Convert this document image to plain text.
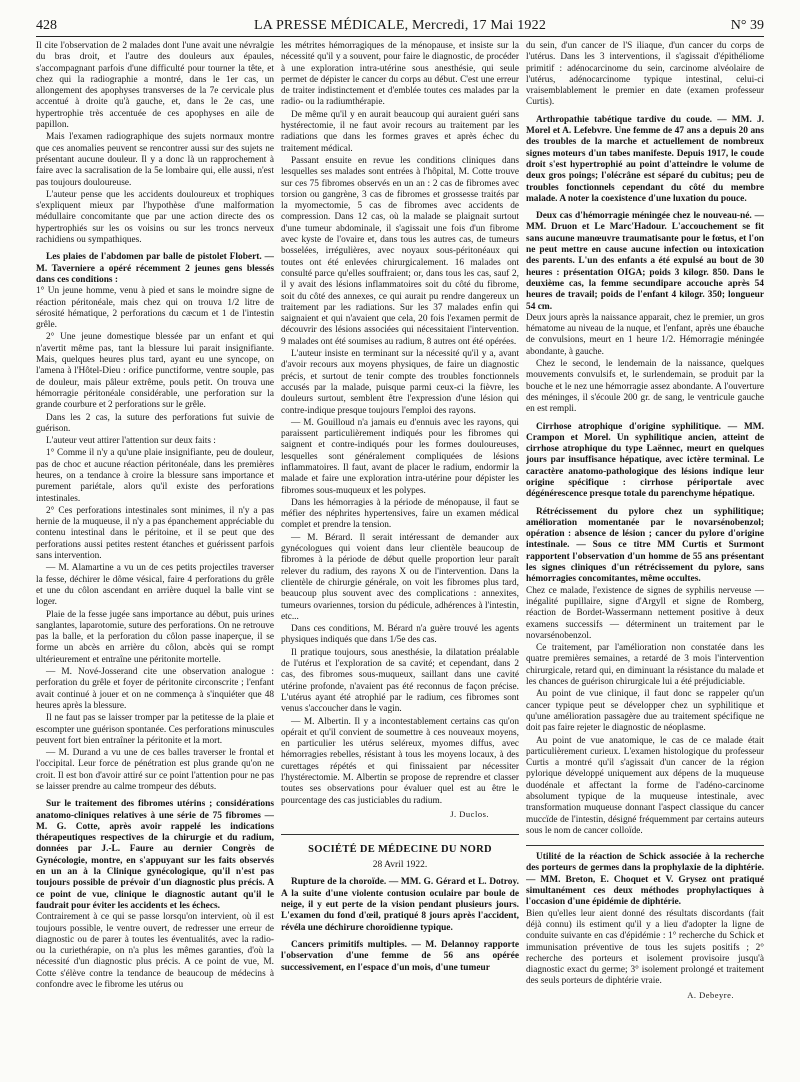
428	LA PRESSE MÉDICALE, Mercredi, 17 Mai 1922	N° 39

Il cite l'observation de 2 malades dont l'une avait une névralgie du bras droit, et l'autre des douleurs aux épaules, s'accompagnant parfois d'une difficulté pour tourner la tête, et chez qui la radiographie a montré, dans le 1er cas, un allongement des apophyses transverses de la 7e cervicale plus accentué à droite qu'à gauche, et, dans le 2e cas, une hypertrophie très accentuée de ces apophyses en aile de papillon.

Mais l'examen radiographique des sujets normaux montre que ces anomalies peuvent se rencontrer aussi sur des sujets ne présentant aucune douleur. Il y a donc là un rapprochement à faire avec la sacralisation de la 5e lombaire qui, elle aussi, n'est pas toujours douloureuse.

L'auteur pense que les accidents douloureux et trophiques s'expliquent mieux par l'hypothèse d'une malformation médullaire concomitante que par une action directe des os hypertrophiés sur les os voisins ou sur les troncs nerveux rachidiens ou sympathiques.

Les plaies de l'abdomen par balle de pistolet Flobert. — M. Taverniere a opéré récemment 2 jeunes gens blessés dans ces conditions :

1° Un jeune homme, venu à pied et sans le moindre signe de réaction péritonéale, mais chez qui on trouva 1/2 litre de sérosité hématique, 2 perforations du cæcum et 1 de l'intestin grêle.

2° Une jeune domestique blessée par un enfant et qui n'avertit même pas, tant la blessure lui parait insignifiante. Mais, quelques heures plus tard, ayant eu une syncope, on l'amena à l'Hôtel-Dieu : orifice punctiforme, ventre souple, pas de douleur, mais pâleur extrême, pouls petit. On trouva une hémorragie péritonéale considérable, une perforation sur la grande courbure et 2 perforations sur le grêle.

Dans les 2 cas, la suture des perforations fut suivie de guérison.

L'auteur veut attirer l'attention sur deux faits :

1° Comme il n'y a qu'une plaie insignifiante, peu de douleur, pas de choc et aucune réaction péritonéale, dans les premières heures, on a tendance à croire la blessure sans importance et purement pariétale, alors qu'il existe des perforations intestinales.

2° Ces perforations intestinales sont minimes, il n'y a pas hernie de la muqueuse, il n'y a pas épanchement appréciable du contenu intestinal dans le péritoine, et il se peut que des perforations aussi petites restent étanches et guérissent parfois sans intervention.

— M. Alamartine a vu un de ces petits projectiles traverser la fesse, déchirer le dôme vésical, faire 4 perforations du grêle et une du côlon ascendant en arrière duquel la balle vint se loger.

Plaie de la fesse jugée sans importance au début, puis urines sanglantes, laparotomie, suture des perforations. On ne retrouve pas la balle, et la perforation du côlon passe inaperçue, il se forme un abcès en arrière du côlon, abcès qui se rompt ultérieurement et entraîne une péritonite mortelle.

— M. Nové-Josserand cite une observation analogue : perforation du grêle et foyer de péritonite circonscrite ; l'enfant avait continué à jouer et on ne commença à s'inquiéter que 48 heures après la blessure.

Il ne faut pas se laisser tromper par la petitesse de la plaie et escompter une guérison spontanée. Ces perforations minuscules peuvent fort bien entraîner la péritonite et la mort.

— M. Durand a vu une de ces balles traverser le frontal et l'occipital. Leur force de pénétration est plus grande qu'on ne croit. Il est bon d'avoir attiré sur ce point l'attention pour ne pas se laisser prendre au calme trompeur des débuts.

Sur le traitement des fibromes utérins ; considérations anatomo-cliniques relatives à une série de 75 fibromes — M. G. Cotte, après avoir rappelé les indications thérapeutiques respectives de la chirurgie et du radium, données par J.-L. Faure au dernier Congrès de Gynécologie, montre, en s'appuyant sur les faits observés en un an à la Clinique gynécologique, qu'il n'est pas toujours possible de prévoir d'un diagnostic plus précis. A ce point de vue, clinique le diagnostic autant qu'il le faudrait pour éviter les accidents et les échecs.

Contrairement à ce qui se passe lorsqu'on intervient, où il est toujours possible, le ventre ouvert, de redresser une erreur de diagnostic ou de parer à toutes les éventualités, avec la radio- ou la curiethérapie, on n'a plus les mêmes garanties, d'où la nécessité d'un diagnostic plus précis. A ce point de vue, M. Cotte s'élève contre la tendance de beaucoup de médecins à confondre avec le fibrome les utérus ou

les métrites hémorragiques de la ménopause, et insiste sur la nécessité qu'il y a souvent, pour faire le diagnostic, de procéder à une exploration intra-utérine sous anesthésie, qui seule permet de dépister le cancer du corps au début. C'est une erreur de traiter indistinctement et d'emblée toutes ces malades par la radio- ou la radiumthérapie.

De même qu'il y en aurait beaucoup qui auraient guéri sans hystérectomie, il ne faut avoir recours au traitement par les radiations que dans les formes graves et après échec du traitement médical.

Passant ensuite en revue les conditions cliniques dans lesquelles ses malades sont entrées à l'hôpital, M. Cotte trouve sur ces 75 fibromes observés en un an : 2 cas de fibromes avec torsion ou gangrène, 3 cas de fibromes et grossesse traités par la myomectomie, 5 cas de fibromes avec accidents de compression. Dans 12 cas, où la malade se plaignait surtout d'une tumeur abdominale, il s'agissait une fois d'un fibrome avec kyste de l'ovaire et, dans tous les autres cas, de tumeurs bosselées, irrégulières, avec noyaux sous-péritonéaux qui toutes ont été enlevées chirurgicalement. 16 malades ont consulté parce qu'elles souffraient; or, dans tous les cas, sauf 2, il y avait des lésions inflammatoires soit du côté du fibrome, soit du côté des annexes, ce qui aurait pu rendre dangereux un traitement par les radiations. Sur les 37 malades enfin qui saignaient et qui n'avaient que cela, 20 fois l'examen permit de découvrir des lésions associées qui nécessitaient l'intervention. 9 malades ont été soumises au radium, 8 autres ont été opérées.

L'auteur insiste en terminant sur la nécessité qu'il y a, avant d'avoir recours aux moyens physiques, de faire un diagnostic précis, et surtout de tenir compte des troubles fonctionnels accusés par la malade, puisque parmi ceux-ci la fièvre, les douleurs surtout, semblent être l'expression d'une lésion qui contre-indique presque toujours l'emploi des rayons.

— M. Gouilloud n'a jamais eu d'ennuis avec les rayons, qui paraissent particulièrement indiqués pour les fibromes qui saignent et contre-indiqués pour les formes douloureuses, lesquelles sont généralement compliquées de lésions inflammatoires. Il faut, avant de placer le radium, endormir la malade et faire une exploration intra-utérine pour dépister les fibromes sous-muqueux et les polypes.

Dans les hémorragies à la période de ménopause, il faut se méfier des néphrites hypertensives, faire un examen médical complet et prendre la tension.

— M. Bérard. Il serait intéressant de demander aux gynécologues qui voient dans leur clientèle beaucoup de fibromes à la période de début quelle proportion leur paraît relever du radium, des rayons X ou de l'intervention. Dans la clientèle de chirurgie générale, on voit les fibromes plus tard, beaucoup plus souvent avec des complications : annexites, tumeurs ovariennes, torsion du pédicule, adhérences à l'intestin, etc...

Dans ces conditions, M. Bérard n'a guère trouvé les agents physiques indiqués que dans 1/5e des cas.

Il pratique toujours, sous anesthésie, la dilatation préalable de l'utérus et l'exploration de sa cavité; et cependant, dans 2 cas, des fibromes sous-muqueux, saillant dans une cavité utérine profonde, n'avaient pas été reconnus de façon précise. L'utérus ayant été atrophié par le radium, ces fibromes sont venus s'accoucher dans le vagin.

— M. Albertin. Il y a incontestablement certains cas qu'on opérait et qu'il convient de soumettre à ces nouveaux moyens, en particulier les utérus seléreux, myomes diffus, avec hémorragies rebelles, résistant à tous les moyens locaux, à des curettages répétés et qui finissaient par nécessiter l'hystérectomie. M. Albertin se propose de reprendre et classer toutes ses observations pour évaluer quel est au être le pourcentage des cas justiciables du radium.

J. Duclos.

SOCIÉTÉ DE MÉDECINE DU NORD

28 Avril 1922.

Rupture de la choroïde. — MM. G. Gérard et L. Dotroy. A la suite d'une violente contusion oculaire par boule de neige, il y eut perte de la vision pendant plusieurs jours. L'examen du fond d'œil, pratiqué 8 jours après l'accident, révéla une déchirure choroïdienne typique.
Cancers primitifs multiples. — M. Delannoy rapporte l'observation d'une femme de 56 ans opérée successivement, en l'espace d'un mois, d'une tumeur

du sein, d'un cancer de l'S iliaque, d'un cancer du corps de l'utérus. Dans les 3 interventions, il s'agissait d'épithéliome primitif : adénocarcinome du sein, carcinome alvéolaire de l'utérus, adénocarcinome typique intestinal, celui-ci vraisemblablement le premier en date (examen professeur Curtis).

Arthropathie tabétique tardive du coude. — MM. J. Morel et A. Lefebvre. Une femme de 47 ans a depuis 20 ans des troubles de la marche et actuellement de nombreux signes moteurs d'un tabes manifeste. Depuis 1917, le coude droit s'est hypertrophié au point d'atteindre le volume de deux gros poings; l'olécrâne est séparé du cubitus; peu de troubles fonctionnels cependant du côté du membre malade. A noter la coexistence d'une luxation du pouce.
Deux cas d'hémorragie méningée chez le nouveau-né. — MM. Druon et Le Marc'Hadour. L'accouchement se fit sans aucune manœuvre traumatisante pour le fœtus, et l'on ne peut mettre en cause aucune infection ou intoxication des parents. L'un des enfants a été expulsé au bout de 30 heures : présentation OIGA; poids 3 kilogr. 850. Dans le deuxième cas, la femme secundipare accouche après 54 heures de travail; poids de l'enfant 4 kilogr. 350; longueur 54 cm.

Deux jours après la naissance apparait, chez le premier, un gros hématome au niveau de la nuque, et l'enfant, après une ébauche de convulsions, meurt en 1 heure 1/2. Hémorragie méningée abondante, à gauche.

Chez le second, le lendemain de la naissance, quelques mouvements convulsifs et, le surlendemain, se produit par la bouche et le nez une hémorragie assez abondante. A l'ouverture des méninges, il s'écoule 200 gr. de sang, le ventricule gauche en est rempli.

Cirrhose atrophique d'origine syphilitique. — MM. Crampon et Morel. Un syphilitique ancien, atteint de cirrhose atrophique du type Laënnec, meurt en quelques jours par insuffisance hépatique, avec ictère terminal. Le caractère anatomo-pathologique des lésions indique leur origine spécifique : cirrhose périportale avec dégénérescence presque totale du parenchyme hépatique.
Rétrécissement du pylore chez un syphilitique; amélioration momentanée par le novarsénobenzol; opération : absence de lésion ; cancer du pylore d'origine intestinale. — Sous ce titre MM Curtis et Surmont rapportent l'observation d'un homme de 55 ans présentant les signes cliniques d'un rétrécissement du pylore, sans hémorragies concomitantes, même occultes.

Chez ce malade, l'existence de signes de syphilis nerveuse — inégalité pupillaire, signe d'Argyll et signe de Romberg, réaction de Bordet-Wassermann nettement positive à deux examens successifs — déterminent un traitement par le novarsénobenzol.

Ce traitement, par l'amélioration non constatée dans les quatre premières semaines, a retardé de 3 mois l'intervention chirurgicale, retard qui, en diminuant la résistance du malade et les chances de guérison chirurgicale lui a été préjudiciable.

Au point de vue clinique, il faut donc se rappeler qu'un cancer typique peut se développer chez un syphilitique et qu'une amélioration passagère due au traitement spécifique ne doit pas faire rejeter le diagnostic de néoplasme.

Au point de vue anatomique, le cas de ce malade était particulièrement curieux. L'examen histologique du professeur Curtis a montré qu'il s'agissait d'un cancer de la région pylorique développé uniquement aux dépens de la muqueuse duodénale et affectant la forme de l'adéno-carcinome absolument typique de la muqueuse intestinale, avec transformation muqueuse donnant l'aspect classique du cancer muccïde de l'intestin, désigné fréquemment par certains auteurs sous le nom de cancer colloïde.

Utilité de la réaction de Schick associée à la recherche des porteurs de germes dans la prophylaxie de la diphtérie. — MM. Breton, E. Choquet et V. Grysez ont pratiqué simultanément ces deux méthodes prophylactiques à l'occasion d'une épidémie de diphtérie.

Bien qu'elles leur aient donné des résultats discordants (fait déjà connu) ils estiment qu'il y a lieu d'adopter la ligne de conduite suivante en cas d'épidémie : 1° recherche du Schick et immunisation préventive de tous les sujets positifs ; 2° recherche des porteurs et isolement provisoire jusqu'à diagnostic exact du germe; 3° isolement prolongé et traitement des seuls porteurs de diphtérie vraie.

A. Debeyre.
